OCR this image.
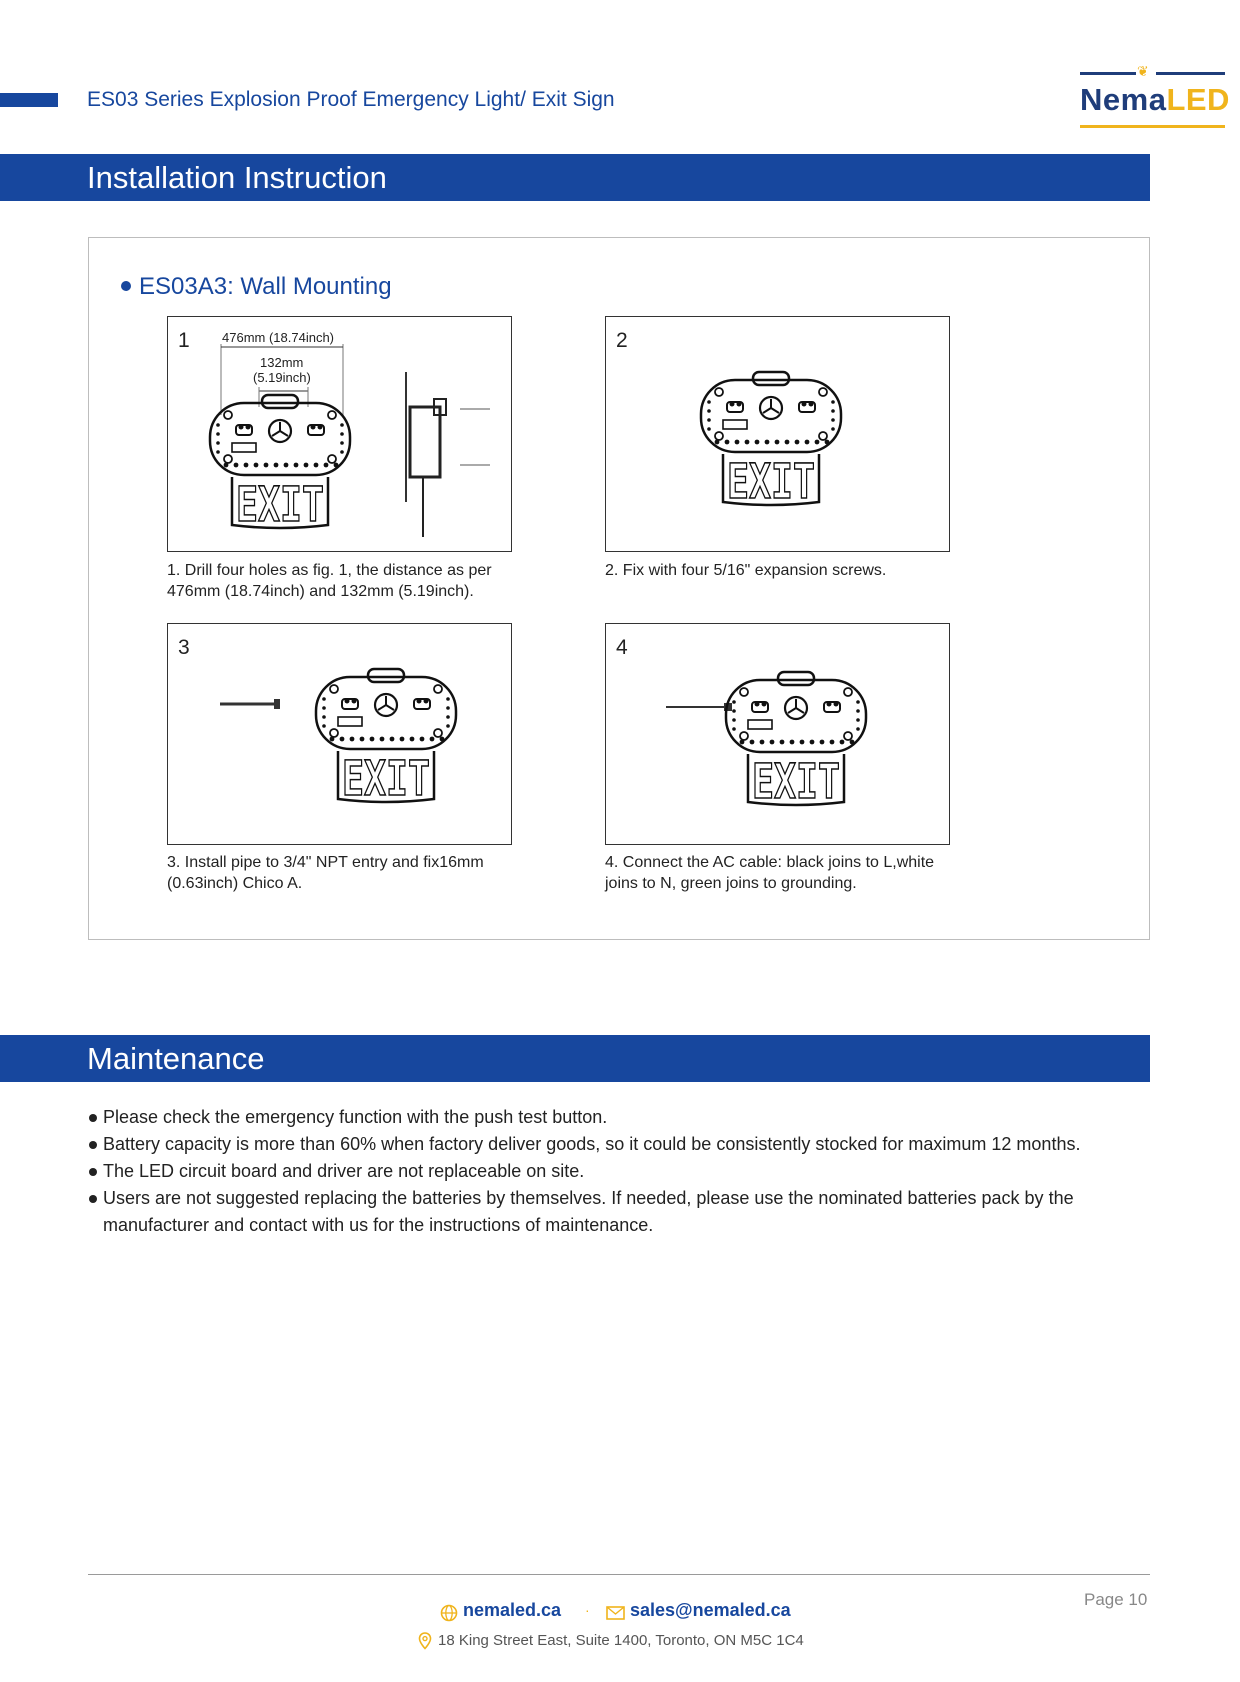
ES03 Series Explosion Proof Emergency Light/ Exit Sign
❦
NemaLED
Installation Instruction
ES03A3: Wall Mounting
EXIT
476mm (18.74inch)
132mm
(5.19inch)
1
1. Drill four holes as fig. 1, the distance as per 476mm (18.74inch) and 132mm (5.19inch).
EXIT
2
2. Fix with four 5/16" expansion screws.
EXIT
3
3. Install pipe to 3/4" NPT entry and fix16mm (0.63inch) Chico A.
EXIT
4
4. Connect the AC cable: black joins to L,white joins to N, green joins to grounding.
Maintenance
Please check the emergency function with the push test button.
Battery capacity is more than 60% when factory deliver goods, so it could be consistently stocked for maximum 12 months.
The LED circuit board and driver are not replaceable on site.
Users are not suggested replacing the batteries by themselves. If needed, please use the nominated batteries pack by the manufacturer and contact with us for the instructions of maintenance.
Page 10
nemaled.ca · sales@nemaled.ca
18 King Street East, Suite 1400, Toronto, ON M5C 1C4
